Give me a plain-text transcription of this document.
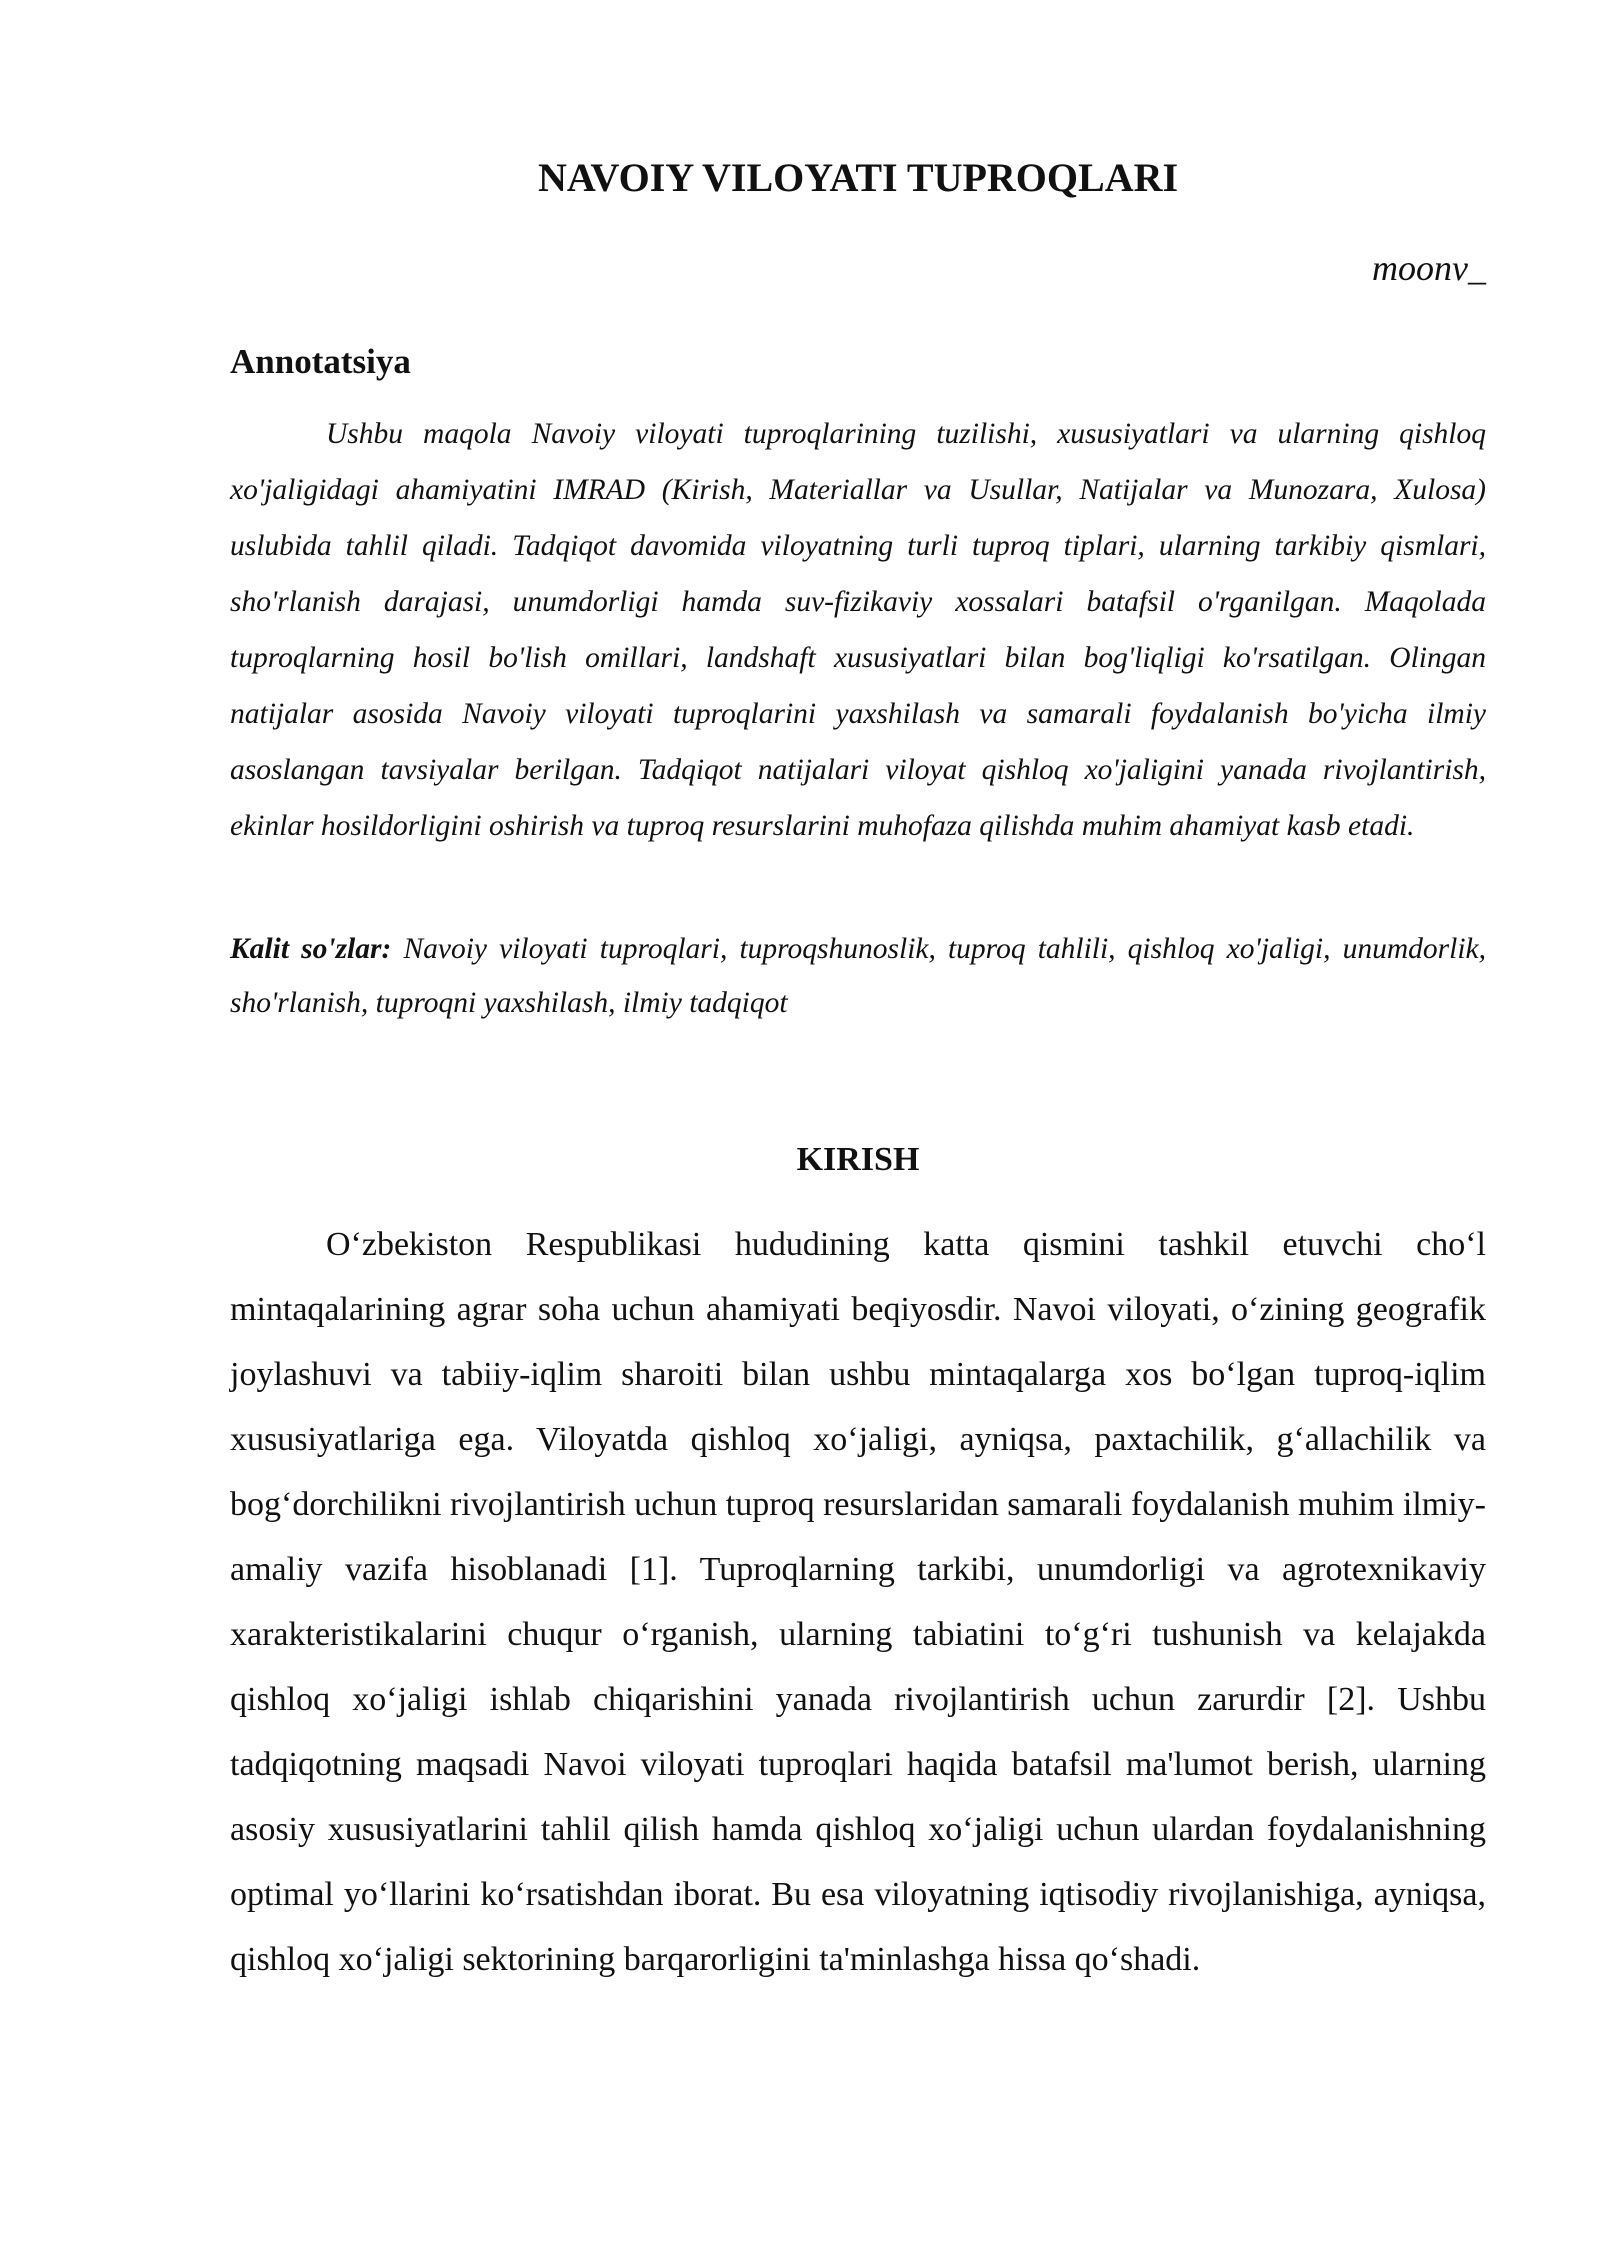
NAVOIY VILOYATI TUPROQLARI
moonv_
Annotatsiya

Ushbu maqola Navoiy viloyati tuproqlarining tuzilishi, xususiyatlari va ularning qishloq xo'jaligidagi ahamiyatini IMRAD (Kirish, Materiallar va Usullar, Natijalar va Munozara, Xulosa) uslubida tahlil qiladi. Tadqiqot davomida viloyatning turli tuproq tiplari, ularning tarkibiy qismlari, sho'rlanish darajasi, unumdorligi hamda suv-fizikaviy xossalari batafsil o'rganilgan. Maqolada tuproqlarning hosil bo'lish omillari, landshaft xususiyatlari bilan bog'liqligi ko'rsatilgan. Olingan natijalar asosida Navoiy viloyati tuproqlarini yaxshilash va samarali foydalanish bo'yicha ilmiy asoslangan tavsiyalar berilgan. Tadqiqot natijalari viloyat qishloq xo'jaligini yanada rivojlantirish, ekinlar hosildorligini oshirish va tuproq resurslarini muhofaza qilishda muhim ahamiyat kasb etadi.

Kalit so'zlar: Navoiy viloyati tuproqlari, tuproqshunoslik, tuproq tahlili, qishloq xo'jaligi, unumdorlik, sho'rlanish, tuproqni yaxshilash, ilmiy tadqiqot

KIRISH

O‘zbekiston Respublikasi hududining katta qismini tashkil etuvchi cho‘l mintaqalarining agrar soha uchun ahamiyati beqiyosdir. Navoi viloyati, o‘zining geografik joylashuvi va tabiiy-iqlim sharoiti bilan ushbu mintaqalarga xos bo‘lgan tuproq-iqlim xususiyatlariga ega. Viloyatda qishloq xo‘jaligi, ayniqsa, paxtachilik, g‘allachilik va bog‘dorchilikni rivojlantirish uchun tuproq resurslaridan samarali foydalanish muhim ilmiy-amaliy vazifa hisoblanadi [1]. Tuproqlarning tarkibi, unumdorligi va agrotexnikaviy xarakteristikalarini chuqur o‘rganish, ularning tabiatini to‘g‘ri tushunish va kelajakda qishloq xo‘jaligi ishlab chiqarishini yanada rivojlantirish uchun zarurdir [2]. Ushbu tadqiqotning maqsadi Navoi viloyati tuproqlari haqida batafsil ma'lumot berish, ularning asosiy xususiyatlarini tahlil qilish hamda qishloq xo‘jaligi uchun ulardan foydalanishning optimal yo‘llarini ko‘rsatishdan iborat. Bu esa viloyatning iqtisodiy rivojlanishiga, ayniqsa, qishloq xo‘jaligi sektorining barqarorligini ta'minlashga hissa qo‘shadi.
